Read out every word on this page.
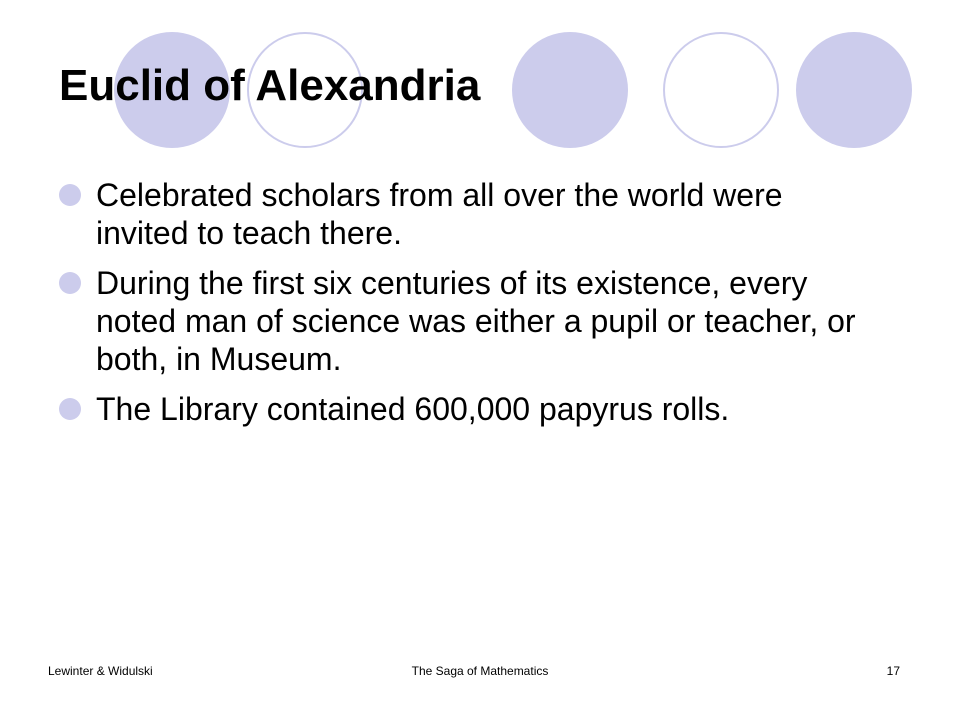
Euclid of Alexandria
Celebrated scholars from all over the world were invited to teach there.
During the first six centuries of its existence, every noted man of science was either a pupil or teacher, or both, in Museum.
The Library contained 600,000 papyrus rolls.
The Saga of Mathematics
Lewinter & Widulski	17
